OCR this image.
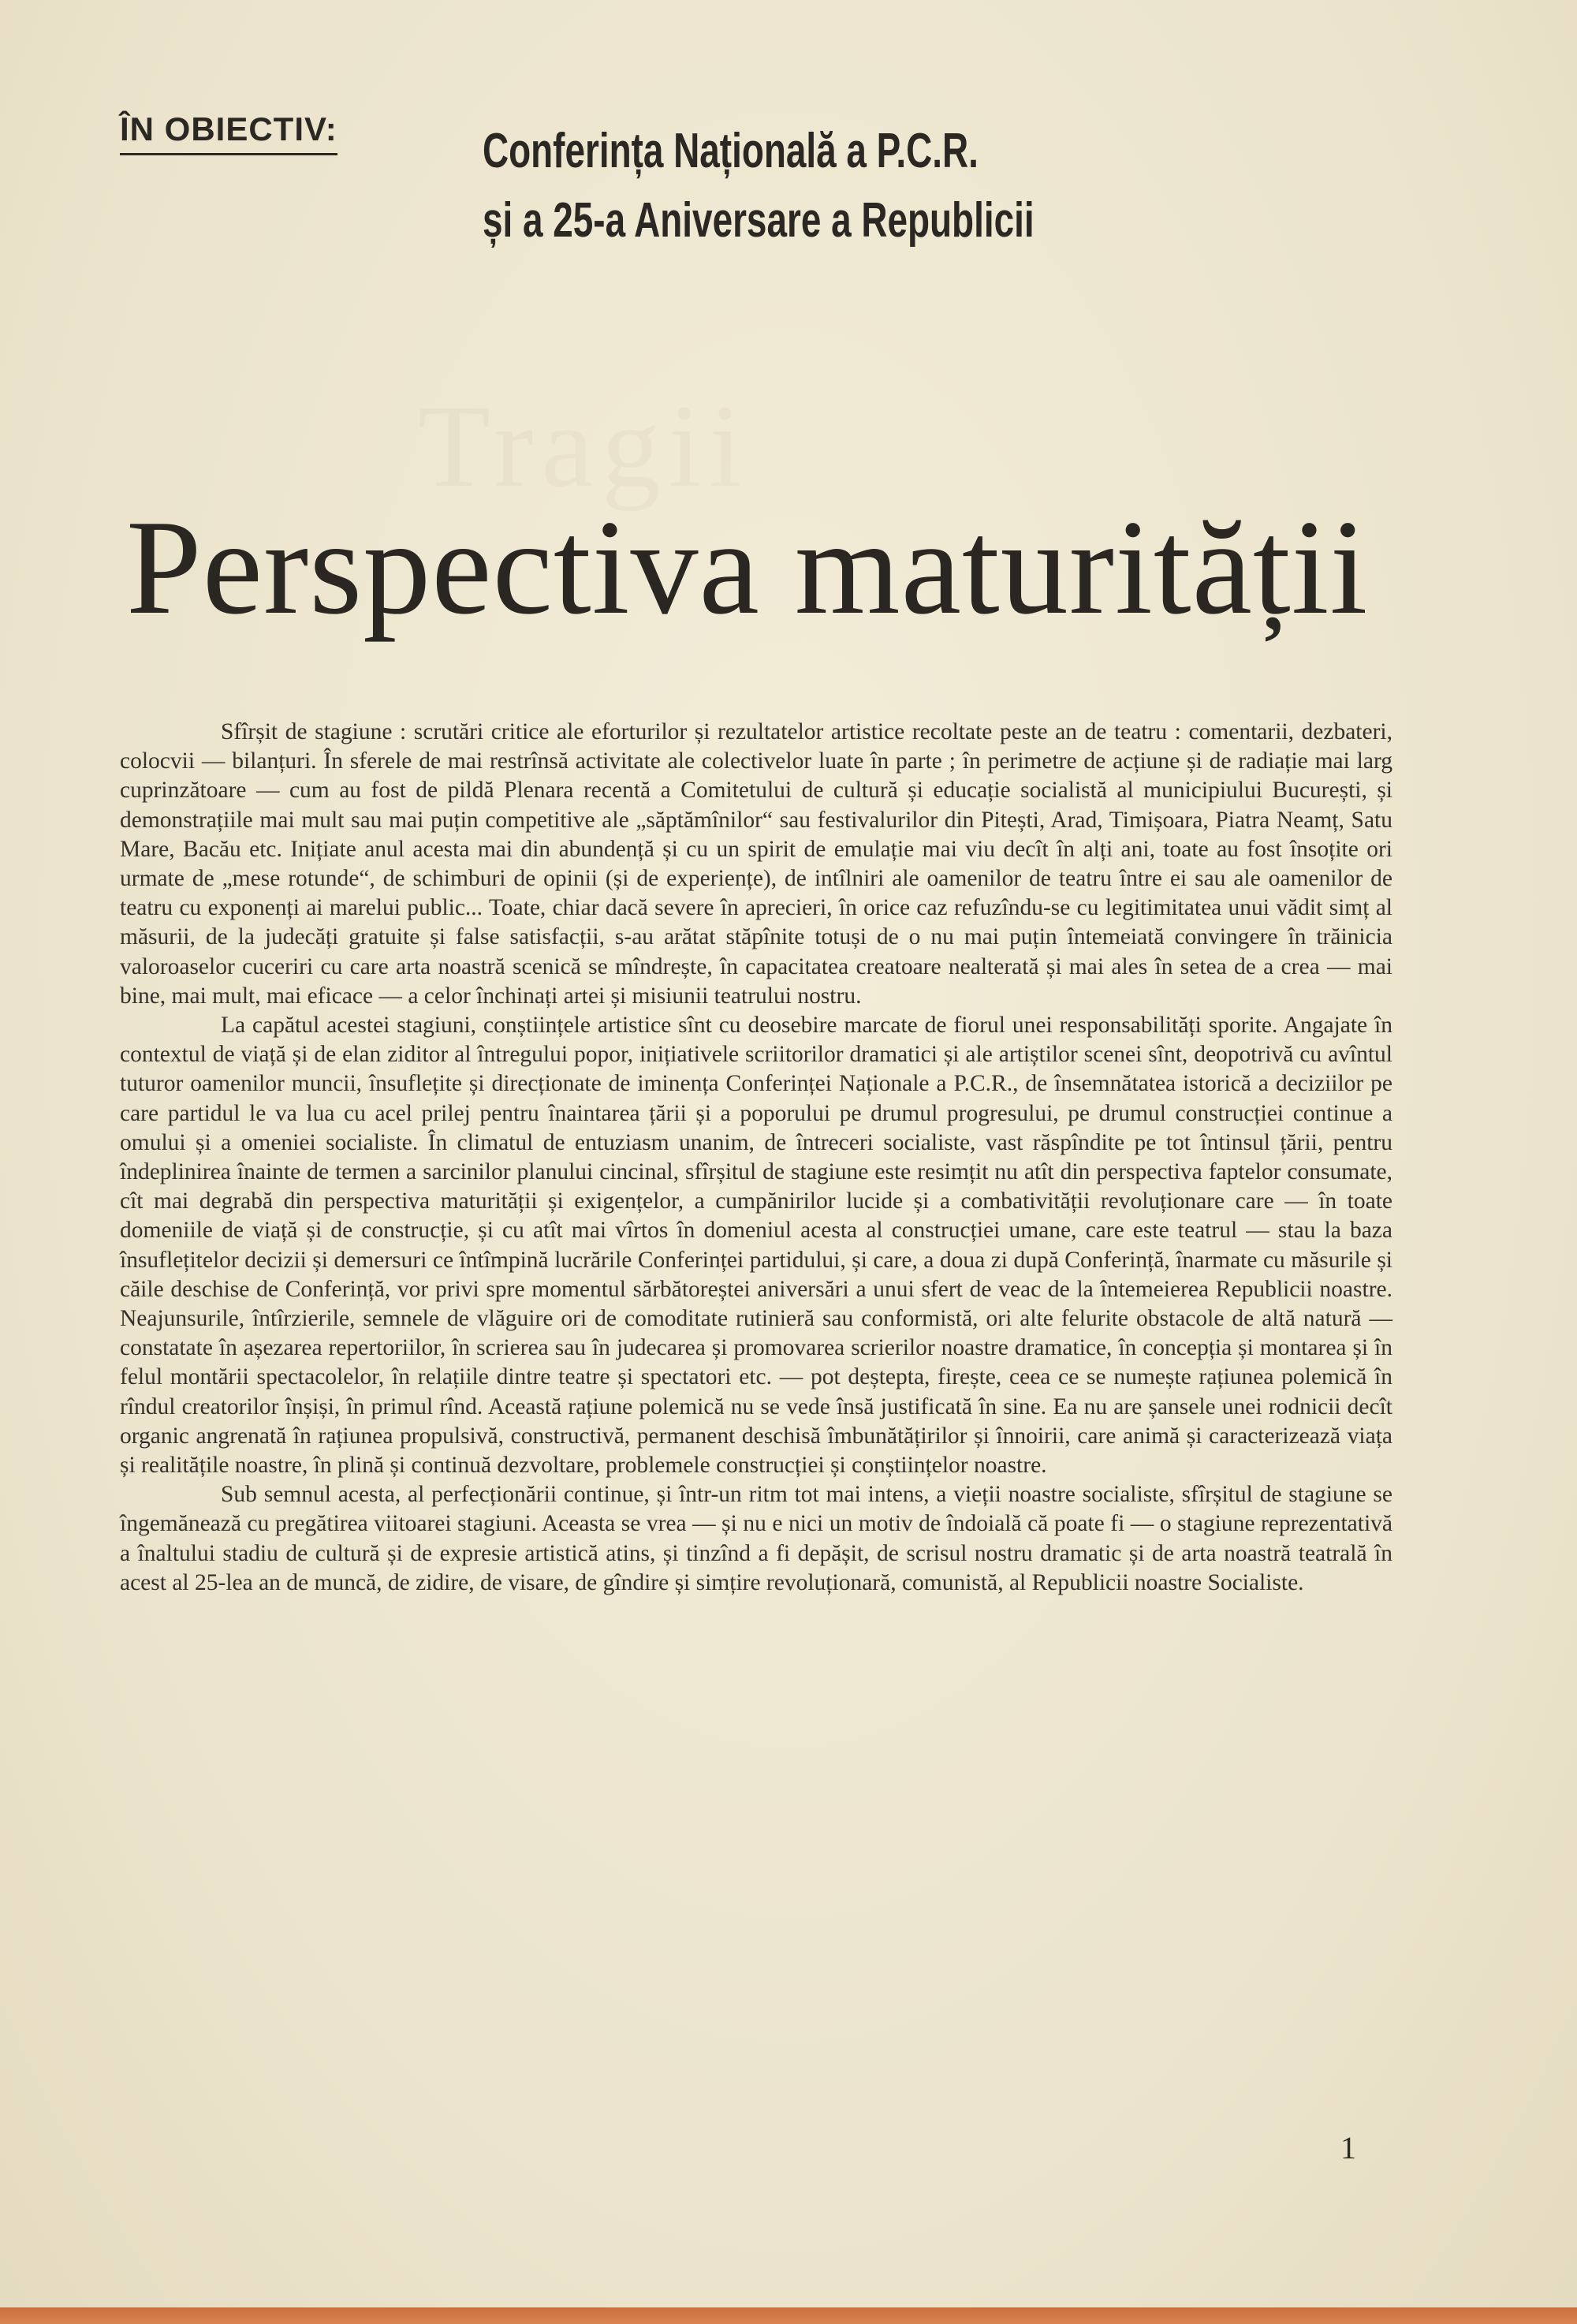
Tragii
ÎN OBIECTIV:	Conferința Națională a P.C.R.
și a 25-a Aniversare a Republicii
Perspectiva maturității

Sfîrșit de stagiune : scrutări critice ale eforturilor și rezultatelor artistice recoltate peste an de teatru : comentarii, dezbateri, colocvii — bilanțuri. În sferele de mai restrînsă activitate ale colectivelor luate în parte ; în perimetre de acțiune și de radiație mai larg cuprinzătoare — cum au fost de pildă Plenara recentă a Comitetului de cultură și educație socialistă al municipiului București, și demonstrațiile mai mult sau mai puțin competitive ale „săptămînilor“ sau festivalurilor din Pitești, Arad, Timișoara, Piatra Neamț, Satu Mare, Bacău etc. Inițiate anul acesta mai din abundență și cu un spirit de emulație mai viu decît în alți ani, toate au fost însoțite ori urmate de „mese rotunde“, de schimburi de opinii (și de experiențe), de intîlniri ale oamenilor de teatru între ei sau ale oamenilor de teatru cu exponenți ai marelui public... Toate, chiar dacă severe în aprecieri, în orice caz refuzîndu-se cu legitimitatea unui vădit simț al măsurii, de la judecăți gratuite și false satisfacții, s-au arătat stăpînite totuși de o nu mai puțin întemeiată convingere în trăinicia valoroaselor cuceriri cu care arta noastră scenică se mîndrește, în capacitatea creatoare nealterată și mai ales în setea de a crea — mai bine, mai mult, mai eficace — a celor închinați artei și misiunii teatrului nostru.

La capătul acestei stagiuni, conștiințele artistice sînt cu deosebire marcate de fiorul unei responsabilități sporite. Angajate în contextul de viață și de elan ziditor al întregului popor, inițiativele scriitorilor dramatici și ale artiștilor scenei sînt, deopotrivă cu avîntul tuturor oamenilor muncii, însuflețite și direcționate de iminența Conferinței Naționale a P.C.R., de însemnătatea istorică a deciziilor pe care partidul le va lua cu acel prilej pentru înaintarea țării și a poporului pe drumul progresului, pe drumul construcției continue a omului și a omeniei socialiste. În climatul de entuziasm unanim, de întreceri socialiste, vast răspîndite pe tot întinsul țării, pentru îndeplinirea înainte de termen a sarcinilor planului cincinal, sfîrșitul de stagiune este resimțit nu atît din perspectiva faptelor consumate, cît mai degrabă din perspectiva maturității și exigențelor, a cumpănirilor lucide și a combativității revoluționare care — în toate domeniile de viață și de construcție, și cu atît mai vîrtos în domeniul acesta al construcției umane, care este teatrul — stau la baza însuflețitelor decizii și demersuri ce întîmpină lucrările Conferinței partidului, și care, a doua zi după Conferință, înarmate cu măsurile și căile deschise de Conferință, vor privi spre momentul sărbătoreștei aniversări a unui sfert de veac de la întemeierea Republicii noastre. Neajunsurile, întîrzierile, semnele de vlăguire ori de comoditate rutinieră sau conformistă, ori alte felurite obstacole de altă natură — constatate în așezarea repertoriilor, în scrierea sau în judecarea și promovarea scrierilor noastre dramatice, în concepția și montarea și în felul montării spectacolelor, în relațiile dintre teatre și spectatori etc. — pot deștepta, firește, ceea ce se numește rațiunea polemică în rîndul creatorilor înșiși, în primul rînd. Această rațiune polemică nu se vede însă justificată în sine. Ea nu are șansele unei rodnicii decît organic angrenată în rațiunea propulsivă, constructivă, permanent deschisă îmbunătățirilor și înnoirii, care animă și caracterizează viața și realitățile noastre, în plină și continuă dezvoltare, problemele construcției și conștiințelor noastre.

Sub semnul acesta, al perfecționării continue, și într-un ritm tot mai intens, a vieții noastre socialiste, sfîrșitul de stagiune se îngemănează cu pregătirea viitoarei stagiuni. Aceasta se vrea — și nu e nici un motiv de îndoială că poate fi — o stagiune reprezentativă a înaltului stadiu de cultură și de expresie artistică atins, și tinzînd a fi depășit, de scrisul nostru dramatic și de arta noastră teatrală în acest al 25-lea an de muncă, de zidire, de visare, de gîndire și simțire revoluționară, comunistă, al Republicii noastre Socialiste.

1
